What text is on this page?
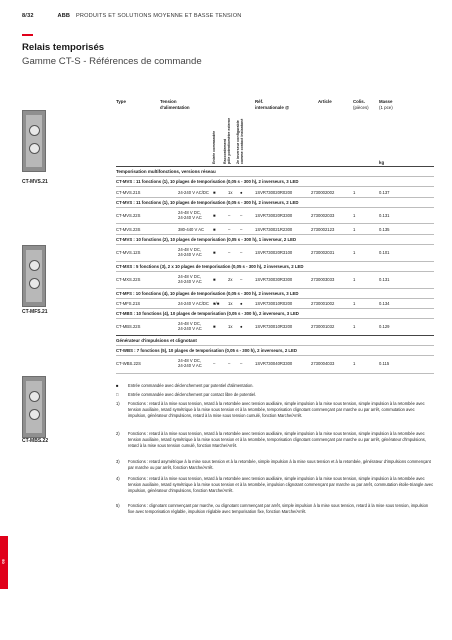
8/32	ABB PRODUITS ET SOLUTIONS MOYENNE ET BASSE TENSION
Relais temporisés
Gamme CT-S - Références de commande
Type	Tension
d'alimentation
Entrée commandée Raccordement pôle potentiomètre externe 2e inverseur configurable comme contact instantané
Réf.
internationale @
Article	Colis.
(pièces)
Masse
(1 pce)
kg
Temporisation multifonctions, versions réseau
CT-MVS : 11 fonctions (1), 10 plages de temporisation (0,05 s - 300 h), 2 inverseurs, 3 LED
CT-MVS.21S	24-240 V AC/DC ■	1x ●	1SVR730020R0200	2730002002	1	0.137
CT-MVS : 11 fonctions (1), 10 plages de temporisation (0,05 s - 300 h), 2 inverseurs, 2 LED
CT-MVS.22S
24-48 V DC,
24-240 V AC	■	– –	1SVR730020R3300	2730002033	1	0.131
CT-MVS.23S	380-440 V AC ■	– –	1SVR730021R2300	2730002123	1	0.135
CT-MVS : 10 fonctions (2), 10 plages de temporisation (0,05 s - 300 h), 1 inverseur, 2 LED
CT-MVS.12S
24-48 V DC,
24-240 V AC	■	– –	1SVR730020R3100	2730002031	1	0.101
CT-MXS : 5 fonctions (3), 2 x 10 plages de temporisation (0,05 s - 300 h), 2 inverseurs, 2 LED
CT-MXS.22S
24-48 V DC,
24-240 V AC	■	2x –	1SVR730030R3300	2730003033	1	0.131
CT-MFS : 10 fonctions (4), 10 plages de temporisation (0,05 s - 300 h), 2 inverseurs, 3 LED
CT-MFS.21S	24-240 V AC/DC ■/■ 1x ●	1SVR730010R0200	2730001002	1	0.134
CT-MBS : 10 fonctions (4), 10 plages de temporisation (0,05 s - 300 h), 2 inverseurs, 3 LED
CT-MBS.22S
24-48 V DC,
24-240 V AC	■	1x ●	1SVR730010R3200	2730001032	1	0.129
Générateur d'impulsions et clignotant
CT-WBS : 7 fonctions (5), 10 plages de temporisation (0,05 s - 300 h), 2 inverseurs, 2 LED
CT-WBS.22S
24-48 V DC,
24-240 V AC	–	– –	1SVR730040R3300	2730004033	1	0.115
CT-MVS.21
CT-MFS.21
CT-MBS.22
■ Entrée commandée avec déclenchement par potentiel d'alimentation.
□ Entrée commandée avec déclenchement par contact libre de potentiel.
1) Fonctions : retard à la mise sous tension, retard à la retombée avec tension auxiliaire, simple impulsion à la mise sous tension, simple impulsion à la retombée avec tension auxiliaire, retard symétrique à la mise sous tension et à la retombée, temporisation clignotant commençant par marche ou par arrêt, commutation avec impulsion, générateur d'impulsions, retard à la mise sous tension cumulé, fonction Marche/Arrêt.
2) Fonctions : retard à la mise sous tension, retard à la retombée avec tension auxiliaire, simple impulsion à la mise sous tension, simple impulsion à la retombée avec tension auxiliaire, retard symétrique à la mise sous tension et à la retombée, temporisation clignotant commençant par marche ou par arrêt, générateur d'impulsions, retard à la mise sous tension cumulé, fonction Marche/Arrêt.
3) Fonctions : retard asymétrique à la mise sous tension et à la retombée, simple impulsion à la mise sous tension et à la retombée, générateur d'impulsions commençant par marche ou par arrêt, fonction Marche/Arrêt.
4) Fonctions : retard à la mise sous tension, retard à la retombée avec tension auxiliaire, simple impulsion à la mise sous tension, simple impulsion à la retombée avec tension auxiliaire, retard symétrique à la mise sous tension et à la retombée, impulsion clignotant commençant par marche ou par arrêt, commutation étoile-triangle avec impulsion, générateur d'impulsions, fonction Marche/Arrêt.
5) Fonctions : clignotant commençant par marche, ou clignotant commençant par arrêt, simple impulsion à la mise sous tension, retard à la mise sous tension, impulsion fixe avec temporisation réglable, impulsion réglable avec temporisation fixe, fonction Marche/Arrêt.
08
